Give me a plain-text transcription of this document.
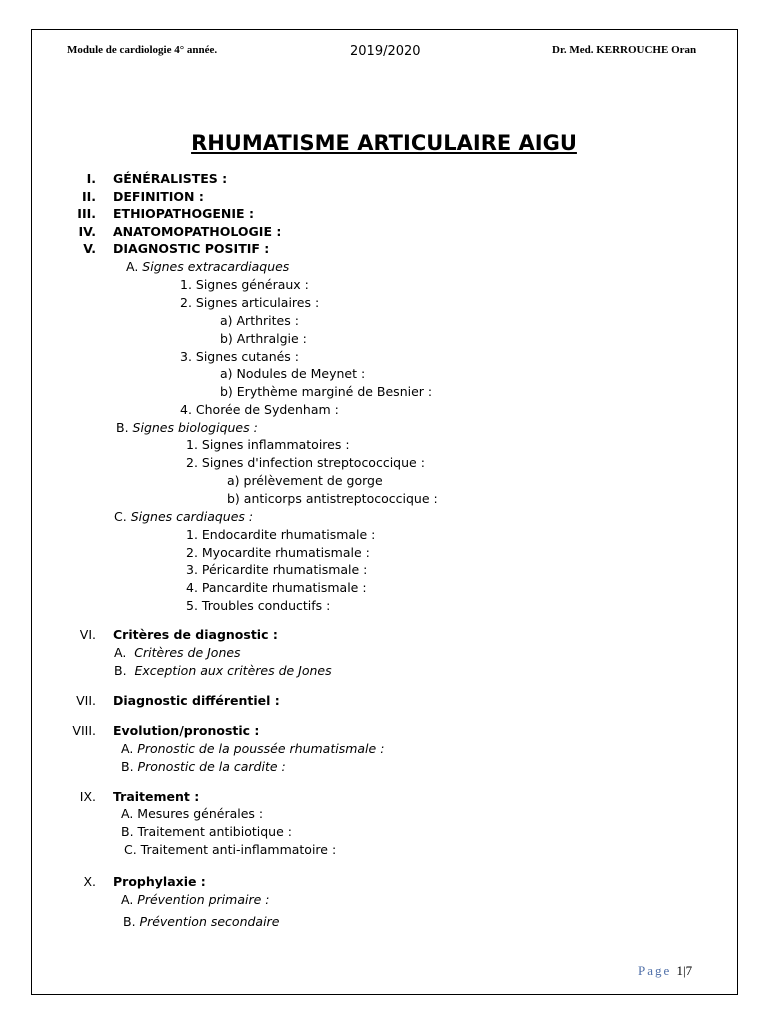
Module de cardiologie 4° année.	2019/2020	Dr. Med. KERROUCHE Oran
RHUMATISME ARTICULAIRE AIGU
I. GÉNÉRALISTES :
II. DEFINITION :
III. ETHIOPATHOGENIE :
IV. ANATOMOPATHOLOGIE :
V. DIAGNOSTIC POSITIF :
A. Signes extracardiaques
1. Signes généraux :
2. Signes articulaires :
a) Arthrites :
b) Arthralgie :
3. Signes cutanés :
a) Nodules de Meynet :
b) Erythème marginé de Besnier :
4. Chorée de Sydenham :
B. Signes biologiques :
1. Signes inflammatoires :
2. Signes d'infection streptococcique :
a) prélèvement de gorge
b) anticorps antistreptococcique :
C. Signes cardiaques :
1. Endocardite rhumatismale :
2. Myocardite rhumatismale :
3. Péricardite rhumatismale :
4. Pancardite rhumatismale :
5. Troubles conductifs :
VI. Critères de diagnostic :
A. Critères de Jones
B. Exception aux critères de Jones
VII. Diagnostic différentiel :
VIII. Evolution/pronostic :
A. Pronostic de la poussée rhumatismale :
B. Pronostic de la cardite :
IX. Traitement :
A. Mesures générales :
B. Traitement antibiotique :
C. Traitement anti-inflammatoire :
X. Prophylaxie :
A. Prévention primaire :
B. Prévention secondaire
Page 1|7
